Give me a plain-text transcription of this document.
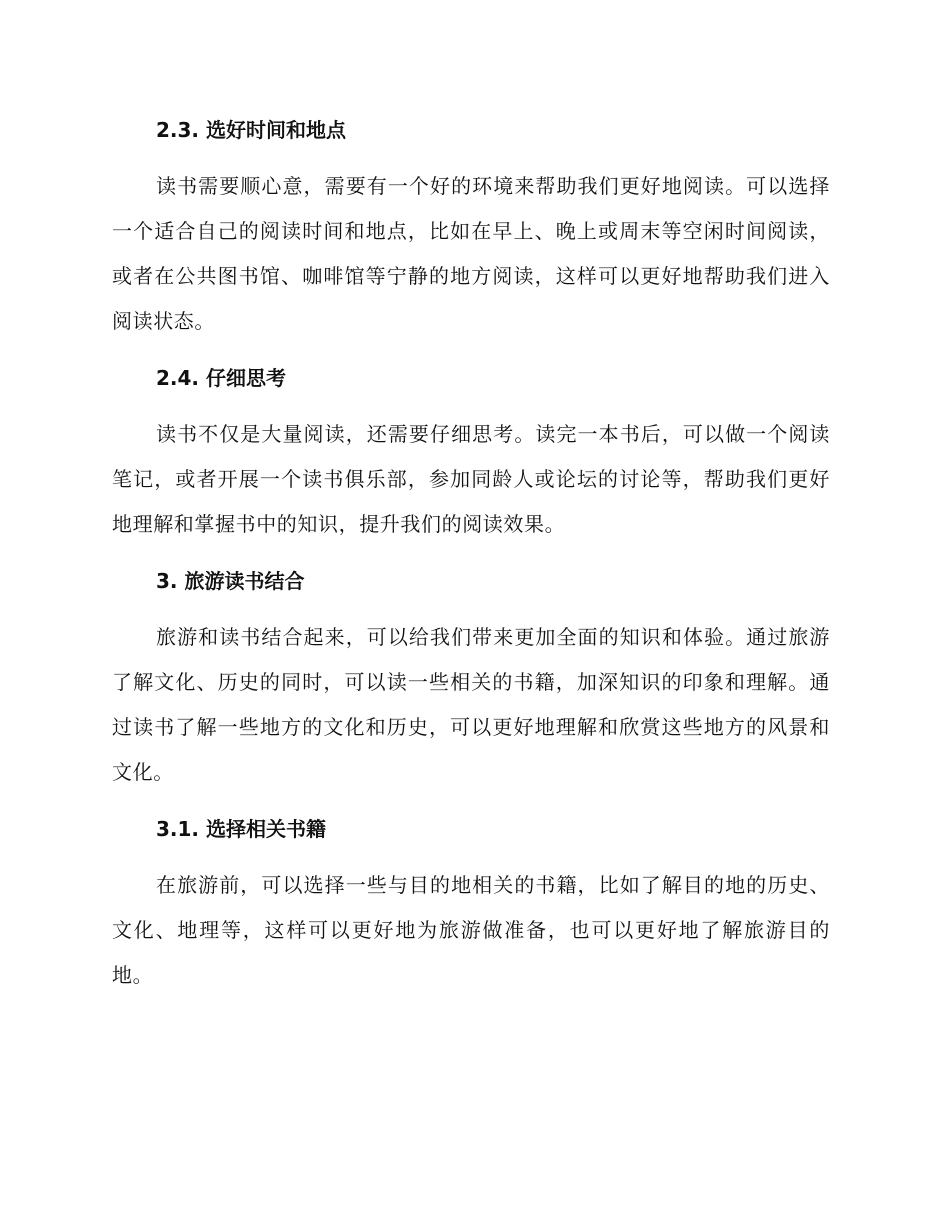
2.3. 选好时间和地点

读书需要顺心意，需要有一个好的环境来帮助我们更好地阅读。可以选择一个适合自己的阅读时间和地点，比如在早上、晚上或周末等空闲时间阅读，或者在公共图书馆、咖啡馆等宁静的地方阅读，这样可以更好地帮助我们进入阅读状态。

2.4. 仔细思考

读书不仅是大量阅读，还需要仔细思考。读完一本书后，可以做一个阅读笔记，或者开展一个读书俱乐部，参加同龄人或论坛的讨论等，帮助我们更好地理解和掌握书中的知识，提升我们的阅读效果。

3. 旅游读书结合

旅游和读书结合起来，可以给我们带来更加全面的知识和体验。通过旅游了解文化、历史的同时，可以读一些相关的书籍，加深知识的印象和理解。通过读书了解一些地方的文化和历史，可以更好地理解和欣赏这些地方的风景和文化。

3.1. 选择相关书籍

在旅游前，可以选择一些与目的地相关的书籍，比如了解目的地的历史、文化、地理等，这样可以更好地为旅游做准备，也可以更好地了解旅游目的地。
